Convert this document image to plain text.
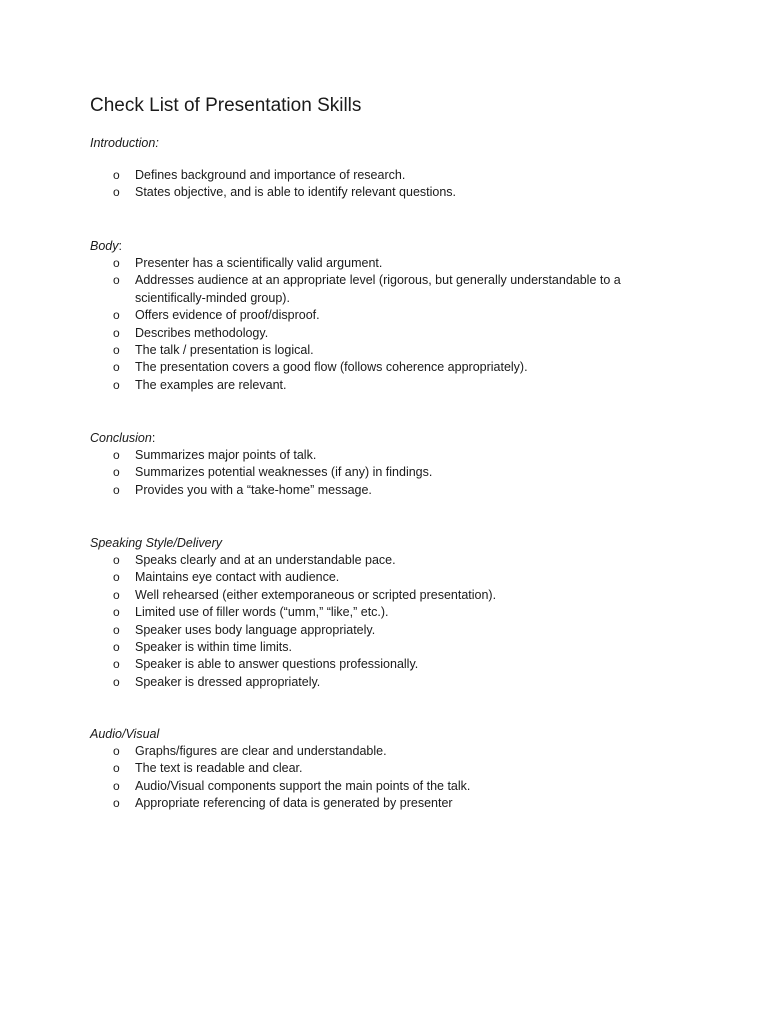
Check List of Presentation Skills
Introduction:
o Defines background and importance of research.
o States objective, and is able to identify relevant questions.
Body:
o Presenter has a scientifically valid argument.
o Addresses audience at an appropriate level (rigorous, but generally understandable to a scientifically-minded group).
o Offers evidence of proof/disproof.
o Describes methodology.
o The talk / presentation is logical.
o The presentation covers a good flow (follows coherence appropriately).
o The examples are relevant.
Conclusion:
o Summarizes major points of talk.
o Summarizes potential weaknesses (if any) in findings.
o Provides you with a “take-home” message.
Speaking Style/Delivery
o Speaks clearly and at an understandable pace.
o Maintains eye contact with audience.
o Well rehearsed (either extemporaneous or scripted presentation).
o Limited use of filler words (“umm,” “like,” etc.).
o Speaker uses body language appropriately.
o Speaker is within time limits.
o Speaker is able to answer questions professionally.
o Speaker is dressed appropriately.
Audio/Visual
o Graphs/figures are clear and understandable.
o The text is readable and clear.
o Audio/Visual components support the main points of the talk.
o Appropriate referencing of data is generated by presenter
